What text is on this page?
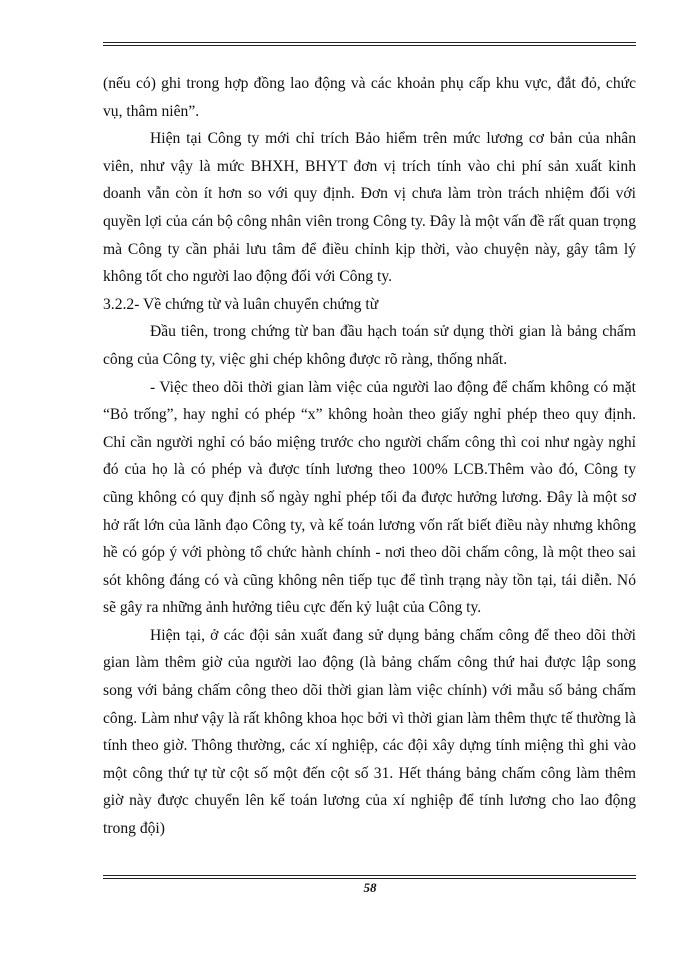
(nếu có) ghi trong hợp đồng lao động và các khoản phụ cấp khu vực, đắt đỏ, chức vụ, thâm niên”.

Hiện tại Công ty mới chỉ trích Bảo hiểm trên mức lương cơ bản của nhân viên, như vậy là mức BHXH, BHYT đơn vị trích tính vào chi phí sản xuất kinh doanh vẫn còn ít hơn so với quy định. Đơn vị chưa làm tròn trách nhiệm đối với quyền lợi của cán bộ công nhân viên trong Công ty. Đây là một vấn đề rất quan trọng mà Công ty cần phải lưu tâm để điều chỉnh kịp thời, vào chuyện này, gây tâm lý không tốt cho người lao động đối với Công ty.

3.2.2- Về chứng từ và luân chuyển chứng từ

Đầu tiên, trong chứng từ ban đầu hạch toán sử dụng thời gian là bảng chấm công của Công ty, việc ghi chép không được rõ ràng, thống nhất.

- Việc theo dõi thời gian làm việc của người lao động để chấm không có mặt “Bỏ trống”, hay nghỉ có phép “x” không hoàn theo giấy nghỉ phép theo quy định. Chỉ cần người nghỉ có báo miệng trước cho người chấm công thì coi như ngày nghỉ đó của họ là có phép và được tính lương theo 100% LCB.Thêm vào đó, Công ty cũng không có quy định số ngày nghỉ phép tối đa được hưởng lương. Đây là một sơ hở rất lớn của lãnh đạo Công ty, và kế toán lương vốn rất biết điều này nhưng không hề có góp ý với phòng tổ chức hành chính - nơi theo dõi chấm công, là một theo sai sót không đáng có và cũng không nên tiếp tục để tình trạng này tồn tại, tái diễn. Nó sẽ gây ra những ảnh hưởng tiêu cực đến kỷ luật của Công ty.

Hiện tại, ở các đội sản xuất đang sử dụng bảng chấm công để theo dõi thời gian làm thêm giờ của người lao động (là bảng chấm công thứ hai được lập song song với bảng chấm công theo dõi thời gian làm việc chính) với mẫu số bảng chấm công. Làm như vậy là rất không khoa học bởi vì thời gian làm thêm thực tế thường là tính theo giờ. Thông thường, các xí nghiệp, các đội xây dựng tính miệng thì ghi vào một công thứ tự từ cột số một đến cột số 31. Hết tháng bảng chấm công làm thêm giờ này được chuyển lên kế toán lương của xí nghiệp để tính lương cho lao động trong đội)

58
